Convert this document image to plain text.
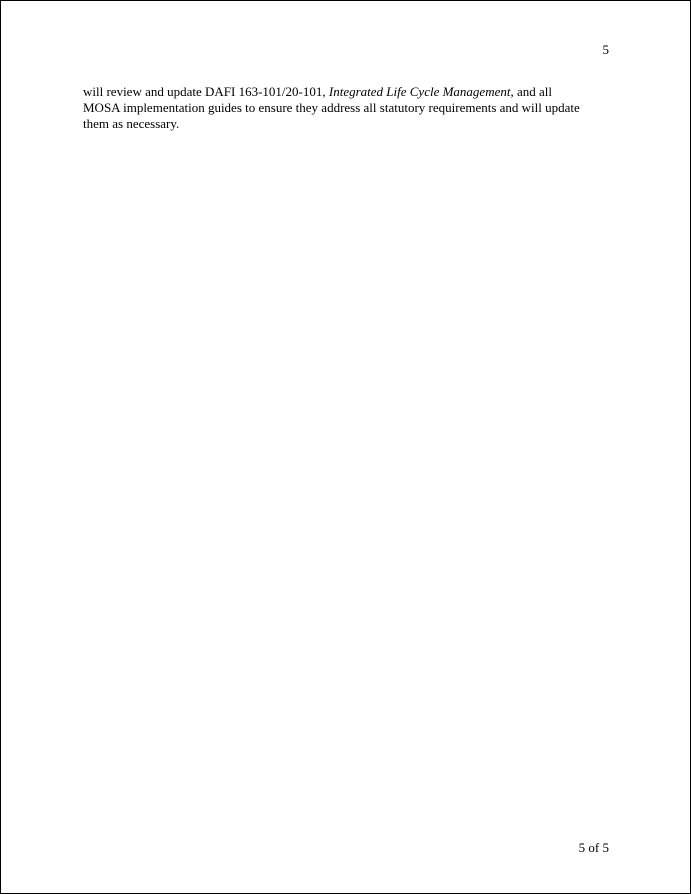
5
will review and update DAFI 163-101/20-101, Integrated Life Cycle Management, and all
MOSA implementation guides to ensure they address all statutory requirements and will update
them as necessary.
5 of 5
